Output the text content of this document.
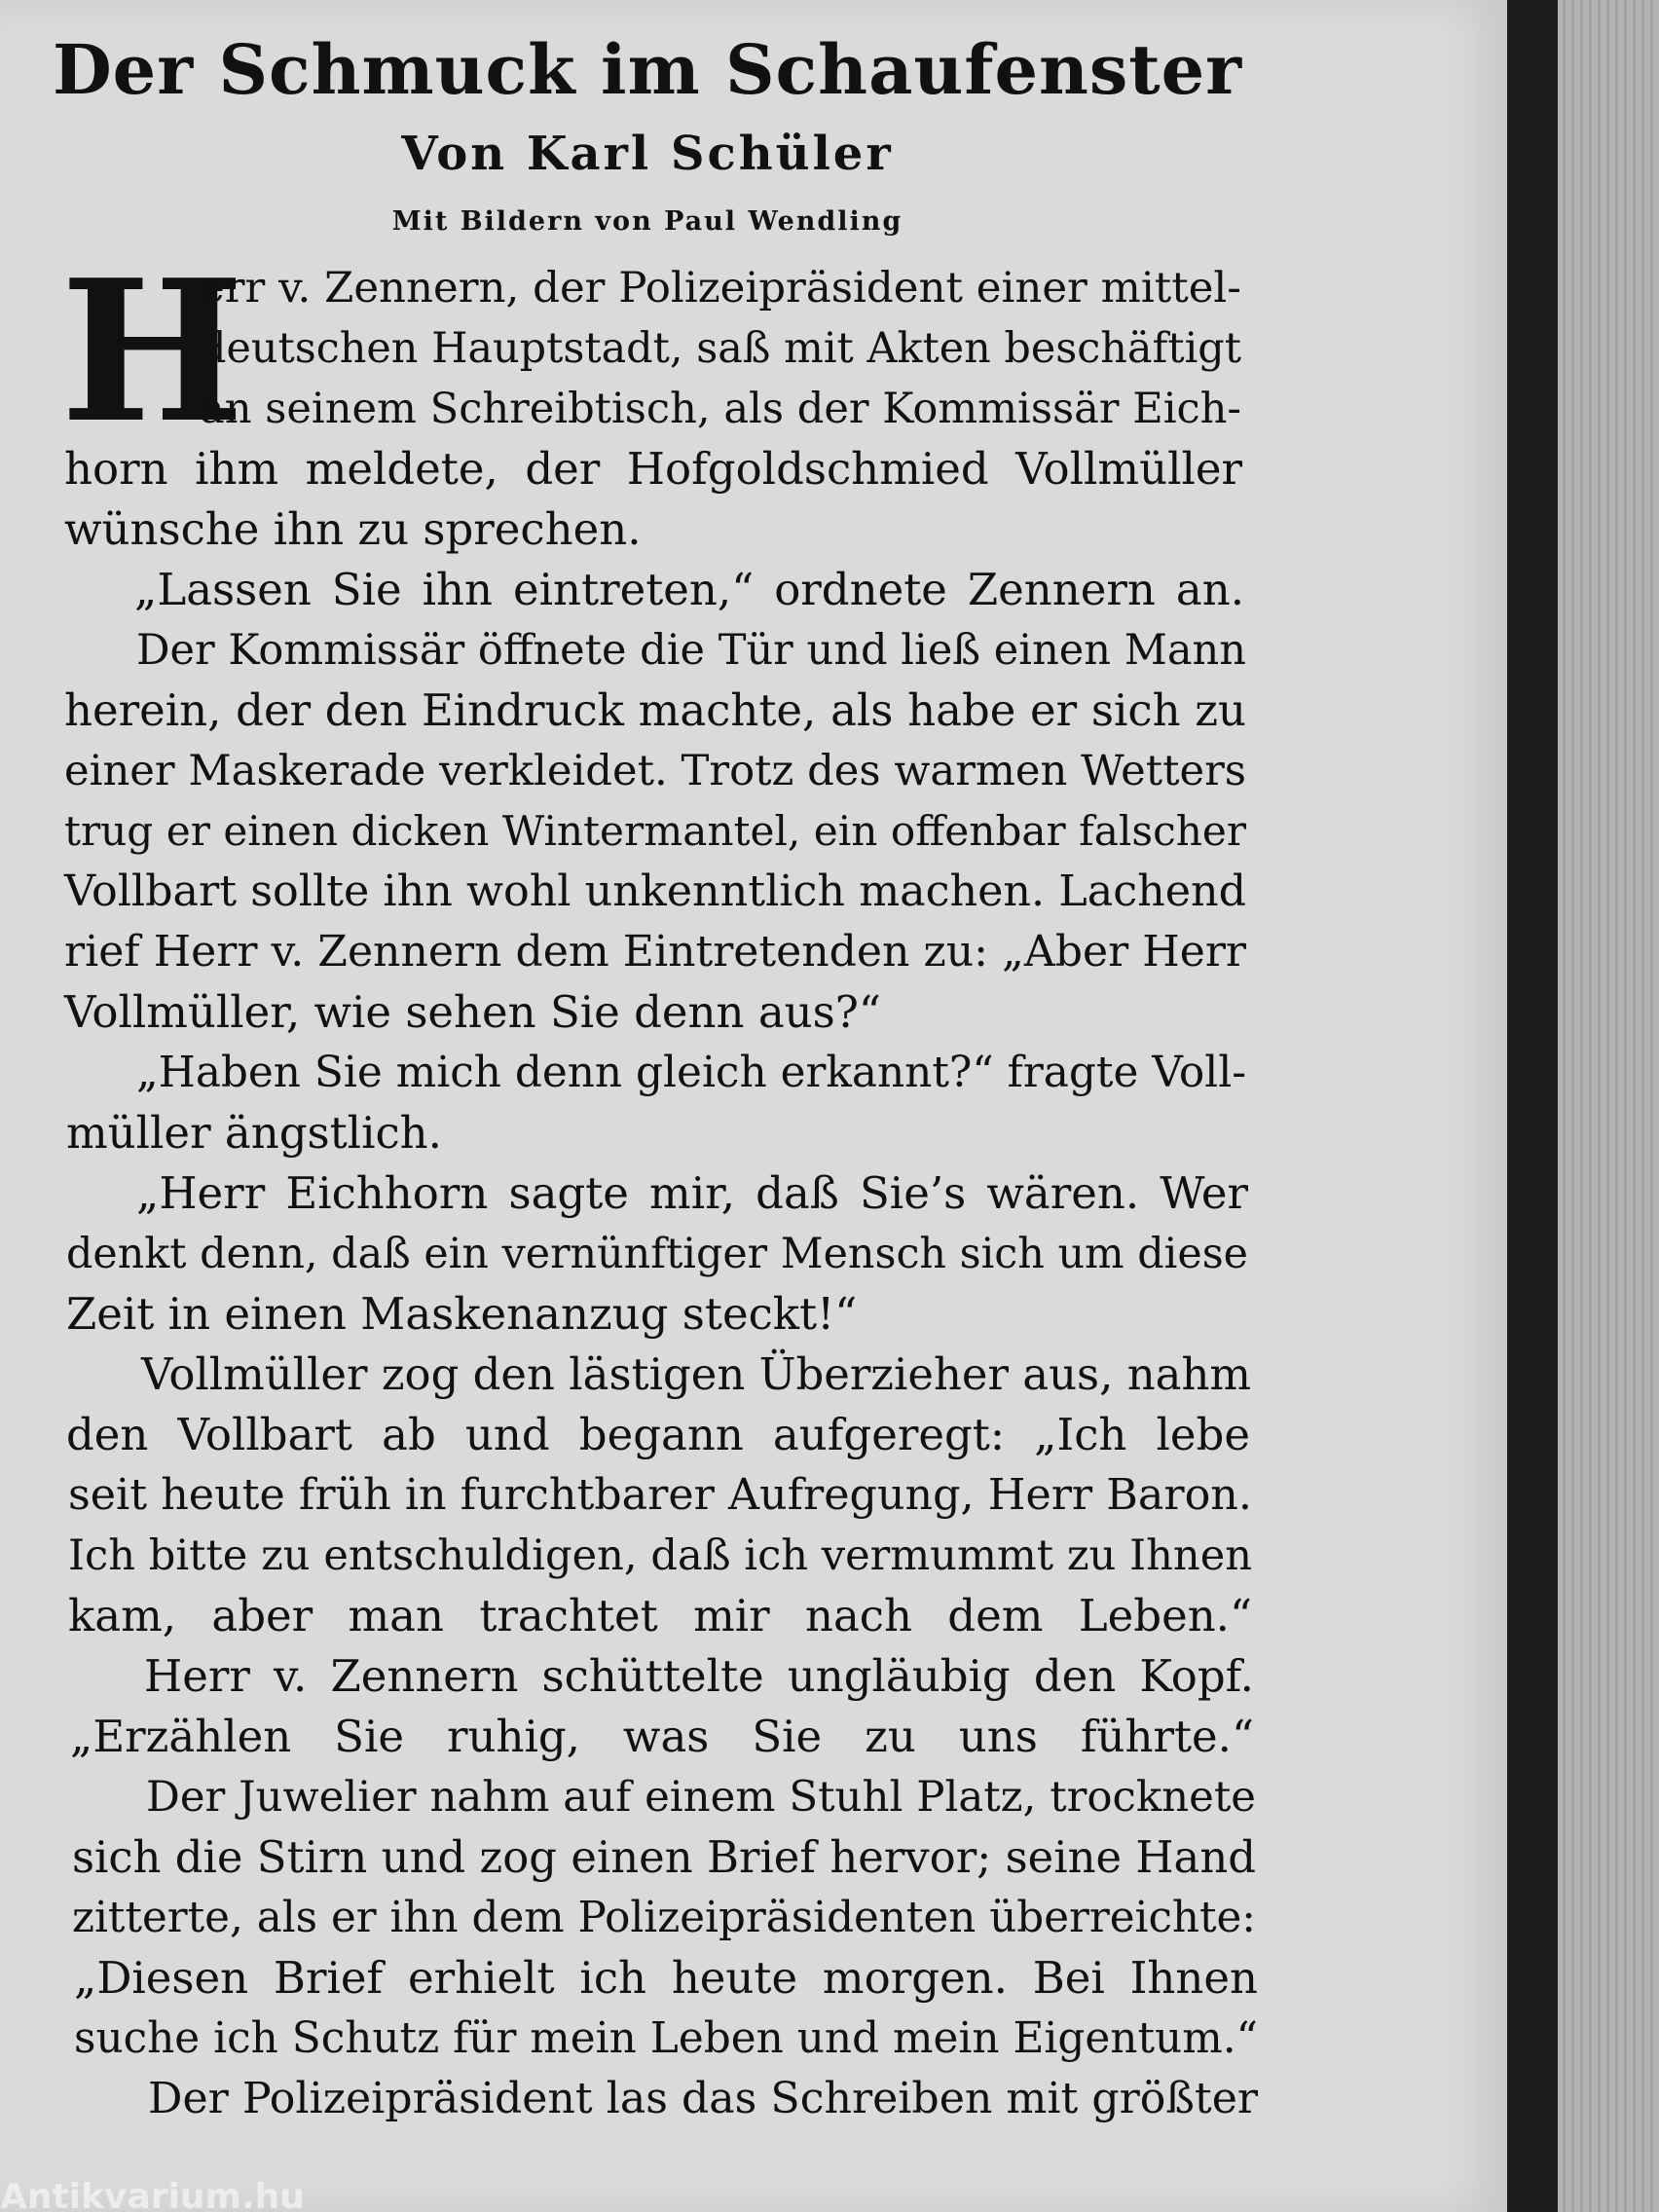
Der Schmuck im Schaufenster
Von Karl Schüler
Mit Bildern von Paul Wendling
H
err v. Zennern, der Polizeipräsident einer mittel-
deutschen Hauptstadt, saß mit Akten beschäftigt
an seinem Schreibtisch, als der Kommissär Eich-
horn ihm meldete, der Hofgoldschmied Vollmüller
wünsche ihn zu sprechen.
„Lassen Sie ihn eintreten,“ ordnete Zennern an.
Der Kommissär öffnete die Tür und ließ einen Mann
herein, der den Eindruck machte, als habe er sich zu
einer Maskerade verkleidet. Trotz des warmen Wetters
trug er einen dicken Wintermantel, ein offenbar falscher
Vollbart sollte ihn wohl unkenntlich machen. Lachend
rief Herr v. Zennern dem Eintretenden zu: „Aber Herr
Vollmüller, wie sehen Sie denn aus?“
„Haben Sie mich denn gleich erkannt?“ fragte Voll-
müller ängstlich.
„Herr Eichhorn sagte mir, daß Sie’s wären. Wer
denkt denn, daß ein vernünftiger Mensch sich um diese
Zeit in einen Maskenanzug steckt!“
Vollmüller zog den lästigen Überzieher aus, nahm
den Vollbart ab und begann aufgeregt: „Ich lebe
seit heute früh in furchtbarer Aufregung, Herr Baron.
Ich bitte zu entschuldigen, daß ich vermummt zu Ihnen
kam, aber man trachtet mir nach dem Leben.“
Herr v. Zennern schüttelte ungläubig den Kopf.
„Erzählen Sie ruhig, was Sie zu uns führte.“
Der Juwelier nahm auf einem Stuhl Platz, trocknete
sich die Stirn und zog einen Brief hervor; seine Hand
zitterte, als er ihn dem Polizeipräsidenten überreichte:
„Diesen Brief erhielt ich heute morgen. Bei Ihnen
suche ich Schutz für mein Leben und mein Eigentum.“
Der Polizeipräsident las das Schreiben mit größter
Antikvarium.hu
